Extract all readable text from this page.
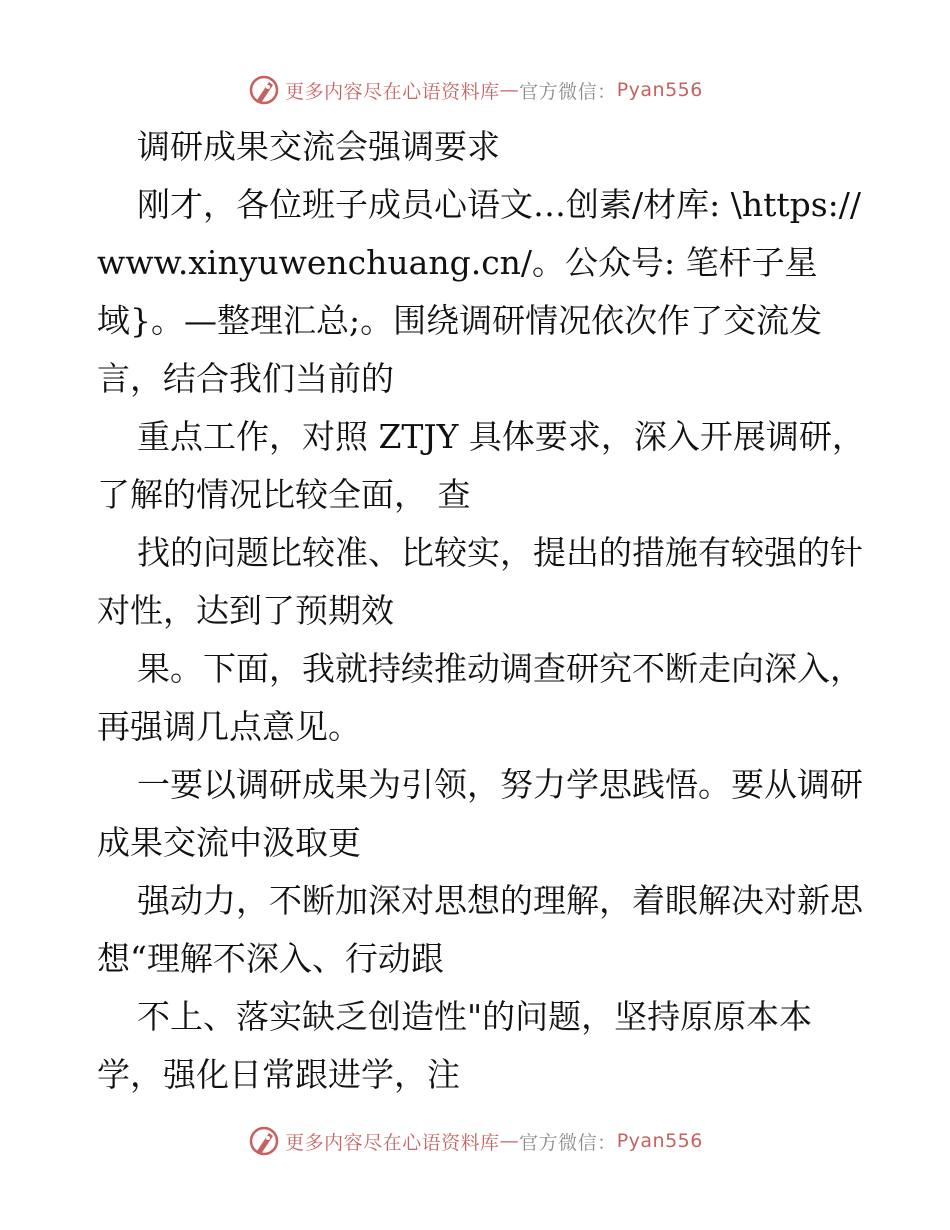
更多内容尽在心语资料库 — 官方微信： Pyan556

调研成果交流会强调要求

刚才，各位班子成员心语文…创素/材库: \https://www.xinyuwenchuang.cn/。公众号: 笔杆子星域}。—整理汇总;。围绕调研情况依次作了交流发言，结合我们当前的

重点工作，对照 ZTJY 具体要求，深入开展调研，了解的情况比较全面， 查

找的问题比较准、比较实，提出的措施有较强的针对性，达到了预期效

果。下面，我就持续推动调查研究不断走向深入，再强调几点意见。

一要以调研成果为引领，努力学思践悟。要从调研成果交流中汲取更

强动力，不断加深对思想的理解，着眼解决对新思想“理解不深入、行动跟

不上、落实缺乏创造性"的问题，坚持原原本本学，强化日常跟进学，注

更多内容尽在心语资料库 — 官方微信： Pyan556
